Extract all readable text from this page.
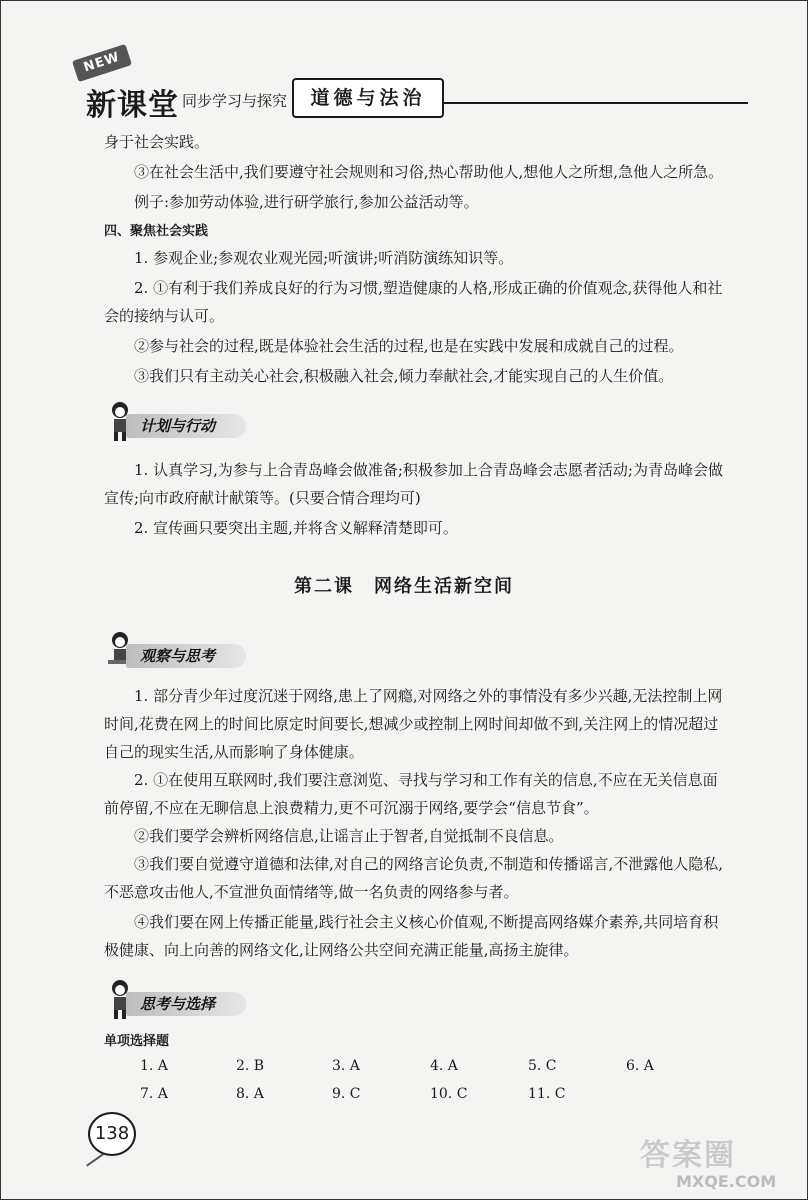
NEW
新课堂 同步学习与探究	道德与法治
身于社会实践。
③在社会生活中,我们要遵守社会规则和习俗,热心帮助他人,想他人之所想,急他人之所急。
例子:参加劳动体验,进行研学旅行,参加公益活动等。
四、聚焦社会实践
1. 参观企业;参观农业观光园;听演讲;听消防演练知识等。
2. ①有利于我们养成良好的行为习惯,塑造健康的人格,形成正确的价值观念,获得他人和社会的接纳与认可。
②参与社会的过程,既是体验社会生活的过程,也是在实践中发展和成就自己的过程。
③我们只有主动关心社会,积极融入社会,倾力奉献社会,才能实现自己的人生价值。
计划与行动
1. 认真学习,为参与上合青岛峰会做准备;积极参加上合青岛峰会志愿者活动;为青岛峰会做宣传;向市政府献计献策等。(只要合情合理均可)
2. 宣传画只要突出主题,并将含义解释清楚即可。
第二课　网络生活新空间
观察与思考
1. 部分青少年过度沉迷于网络,患上了网瘾,对网络之外的事情没有多少兴趣,无法控制上网时间,花费在网上的时间比原定时间要长,想减少或控制上网时间却做不到,关注网上的情况超过自己的现实生活,从而影响了身体健康。
2. ①在使用互联网时,我们要注意浏览、寻找与学习和工作有关的信息,不应在无关信息面前停留,不应在无聊信息上浪费精力,更不可沉溺于网络,要学会“信息节食”。
②我们要学会辨析网络信息,让谣言止于智者,自觉抵制不良信息。
③我们要自觉遵守道德和法律,对自己的网络言论负责,不制造和传播谣言,不泄露他人隐私,不恶意攻击他人,不宣泄负面情绪等,做一名负责的网络参与者。
④我们要在网上传播正能量,践行社会主义核心价值观,不断提高网络媒介素养,共同培育积极健康、向上向善的网络文化,让网络公共空间充满正能量,高扬主旋律。
思考与选择
单项选择题
1. A	2. B	3. A	4. A	5. C	6. A
7. A	8. A	9. C	10. C	11. C
138
答案圈
MXQE.COM
